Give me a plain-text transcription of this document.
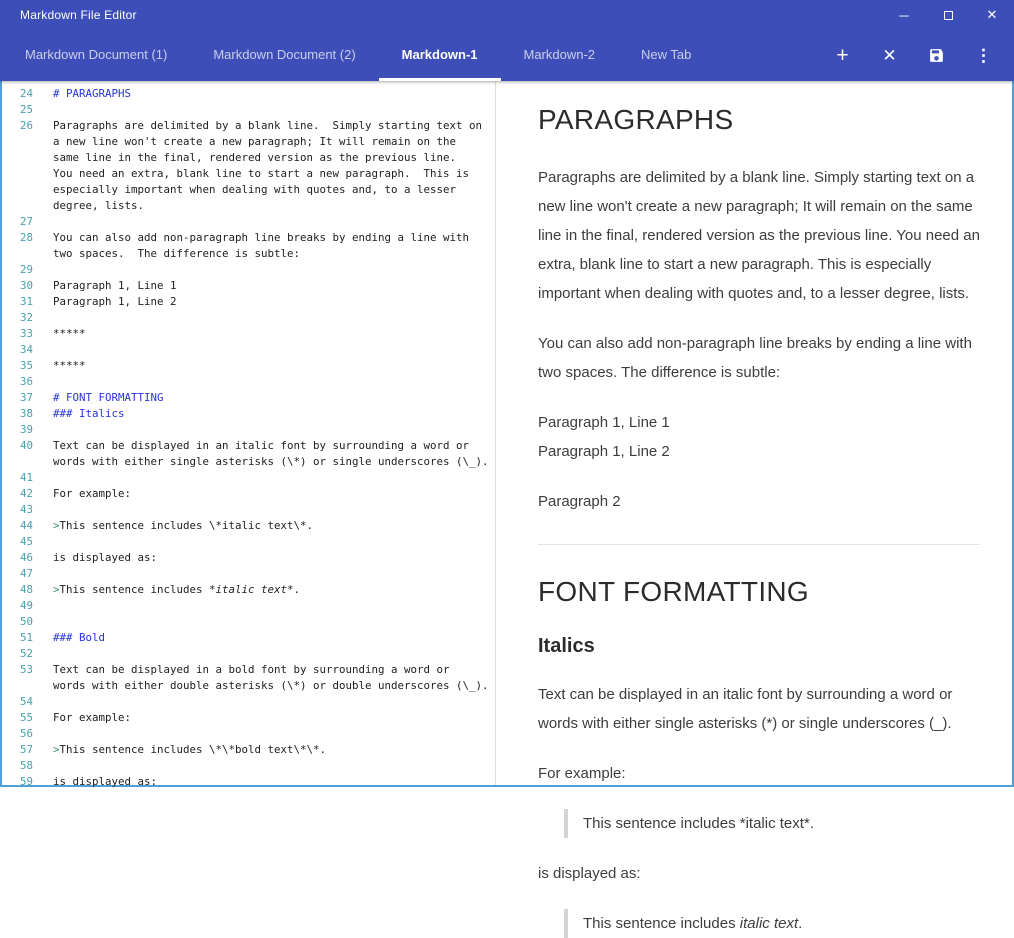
Markdown File Editor	─	✕
Markdown Document (1)	Markdown Document (2)	Markdown-1	Markdown-2	New Tab	+ ✕	⋮
24 # PARAGRAPHS
25
26 Paragraphs are delimited by a blank line.  Simply starting text on
a new line won't create a new paragraph; It will remain on the
same line in the final, rendered version as the previous line.
You need an extra, blank line to start a new paragraph.  This is
especially important when dealing with quotes and, to a lesser
degree, lists.
27
28 You can also add non-paragraph line breaks by ending a line with
two spaces.  The difference is subtle:
29
30 Paragraph 1, Line 1
31 Paragraph 1, Line 2
32
33 *****
34
35 *****
36
37 # FONT FORMATTING
38 ### Italics
39
40 Text can be displayed in an italic font by surrounding a word or
words with either single asterisks (\*) or single underscores (\_).
41
42 For example:
43
44 >This sentence includes \*italic text\*.
45
46 is displayed as:
47
48 >This sentence includes *italic text*.
49
50
51 ### Bold
52
53 Text can be displayed in a bold font by surrounding a word or
words with either double asterisks (\*) or double underscores (\_).
54
55 For example:
56
57 >This sentence includes \*\*bold text\*\*.
58
59 is displayed as:
PARAGRAPHS

Paragraphs are delimited by a blank line. Simply starting text on a new line won't create a new paragraph; It will remain on the same line in the final, rendered version as the previous line. You need an extra, blank line to start a new paragraph. This is especially important when dealing with quotes and, to a lesser degree, lists.

You can also add non-paragraph line breaks by ending a line with two spaces. The difference is subtle:

Paragraph 1, Line 1
Paragraph 1, Line 2

Paragraph 2

FONT FORMATTING
Italics

Text can be displayed in an italic font by surrounding a word or words with either single asterisks (*) or single underscores (_).

For example:

This sentence includes *italic text*.

is displayed as:

This sentence includes italic text.
